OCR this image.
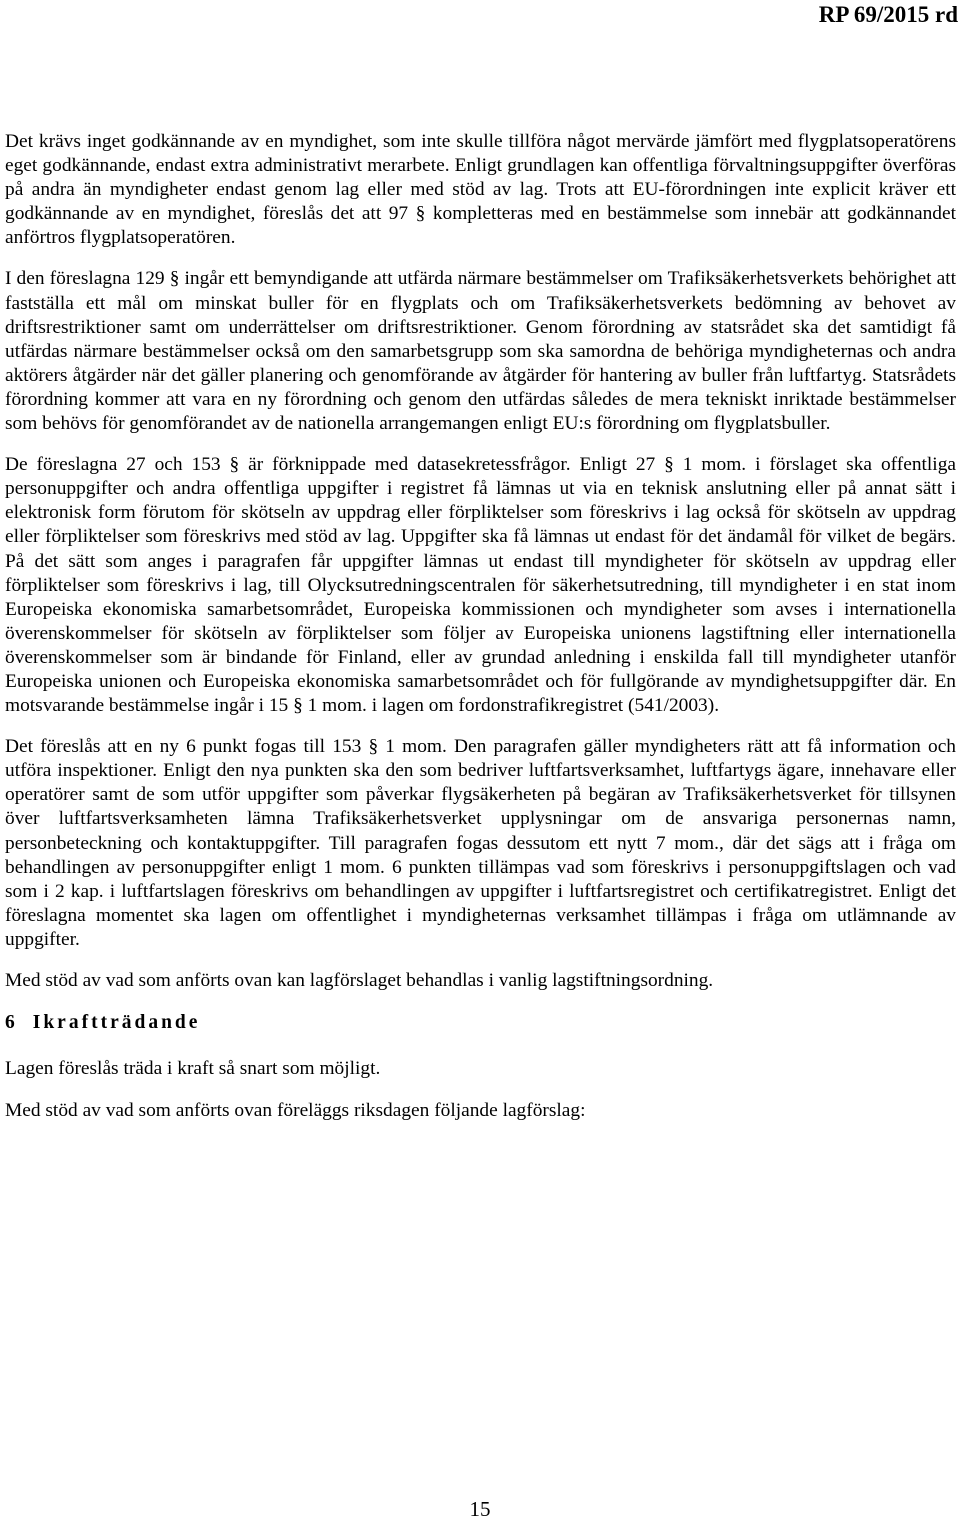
RP 69/2015 rd

Det krävs inget godkännande av en myndighet, som inte skulle tillföra något mervärde jämfört med flygplatsoperatörens eget godkännande, endast extra administrativt merarbete. Enligt grundlagen kan offentliga förvaltningsuppgifter överföras på andra än myndigheter endast genom lag eller med stöd av lag. Trots att EU-förordningen inte explicit kräver ett godkännande av en myndighet, föreslås det att 97 § kompletteras med en bestämmelse som innebär att godkännandet anförtros flygplatsoperatören.

I den föreslagna 129 § ingår ett bemyndigande att utfärda närmare bestämmelser om Trafiksäkerhetsverkets behörighet att fastställa ett mål om minskat buller för en flygplats och om Trafiksäkerhetsverkets bedömning av behovet av driftsrestriktioner samt om underrättelser om driftsrestriktioner. Genom förordning av statsrådet ska det samtidigt få utfärdas närmare bestämmelser också om den samarbetsgrupp som ska samordna de behöriga myndigheternas och andra aktörers åtgärder när det gäller planering och genomförande av åtgärder för hantering av buller från luftfartyg. Statsrådets förordning kommer att vara en ny förordning och genom den utfärdas således de mera tekniskt inriktade bestämmelser som behövs för genomförandet av de nationella arrangemangen enligt EU:s förordning om flygplatsbuller.

De föreslagna 27 och 153 § är förknippade med datasekretessfrågor. Enligt 27 § 1 mom. i förslaget ska offentliga personuppgifter och andra offentliga uppgifter i registret få lämnas ut via en teknisk anslutning eller på annat sätt i elektronisk form förutom för skötseln av uppdrag eller förpliktelser som föreskrivs i lag också för skötseln av uppdrag eller förpliktelser som föreskrivs med stöd av lag. Uppgifter ska få lämnas ut endast för det ändamål för vilket de begärs. På det sätt som anges i paragrafen får uppgifter lämnas ut endast till myndigheter för skötseln av uppdrag eller förpliktelser som föreskrivs i lag, till Olycksutredningscentralen för säkerhetsutredning, till myndigheter i en stat inom Europeiska ekonomiska samarbetsområdet, Europeiska kommissionen och myndigheter som avses i internationella överenskommelser för skötseln av förpliktelser som följer av Europeiska unionens lagstiftning eller internationella överenskommelser som är bindande för Finland, eller av grundad anledning i enskilda fall till myndigheter utanför Europeiska unionen och Europeiska ekonomiska samarbetsområdet och för fullgörande av myndighetsuppgifter där. En motsvarande bestämmelse ingår i 15 § 1 mom. i lagen om fordonstrafikregistret (541/2003).

Det föreslås att en ny 6 punkt fogas till 153 § 1 mom. Den paragrafen gäller myndigheters rätt att få information och utföra inspektioner. Enligt den nya punkten ska den som bedriver luftfartsverksamhet, luftfartygs ägare, innehavare eller operatörer samt de som utför uppgifter som påverkar flygsäkerheten på begäran av Trafiksäkerhetsverket för tillsynen över luftfartsverksamheten lämna Trafiksäkerhetsverket upplysningar om de ansvariga personernas namn, personbeteckning och kontaktuppgifter. Till paragrafen fogas dessutom ett nytt 7 mom., där det sägs att i fråga om behandlingen av personuppgifter enligt 1 mom. 6 punkten tillämpas vad som föreskrivs i personuppgiftslagen och vad som i 2 kap. i luftfartslagen föreskrivs om behandlingen av uppgifter i luftfartsregistret och certifikatregistret. Enligt det föreslagna momentet ska lagen om offentlighet i myndigheternas verksamhet tillämpas i fråga om utlämnande av uppgifter.

Med stöd av vad som anförts ovan kan lagförslaget behandlas i vanlig lagstiftningsordning.

6 Ikraftträdande

Lagen föreslås träda i kraft så snart som möjligt.

Med stöd av vad som anförts ovan föreläggs riksdagen följande lagförslag:

15
